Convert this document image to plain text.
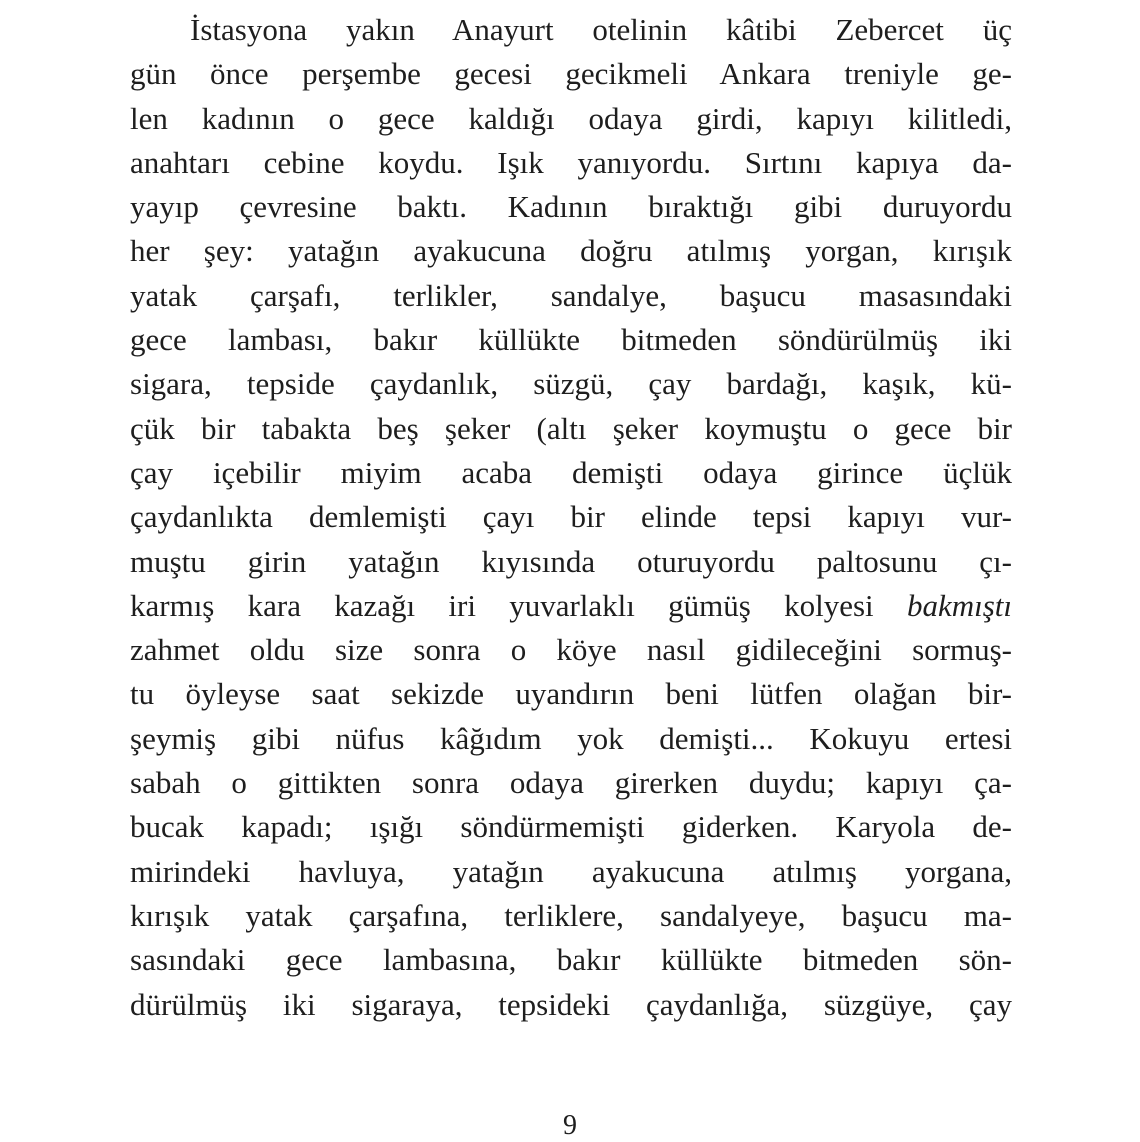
İstasyona yakın Anayurt otelinin kâtibi Zebercet üç
gün önce perşembe gecesi gecikmeli Ankara treniyle ge-
len kadının o gece kaldığı odaya girdi, kapıyı kilitledi,
anahtarı cebine koydu. Işık yanıyordu. Sırtını kapıya da-
yayıp çevresine baktı. Kadının bıraktığı gibi duruyordu
her şey: yatağın ayakucuna doğru atılmış yorgan, kırışık
yatak çarşafı, terlikler, sandalye, başucu masasındaki
gece lambası, bakır küllükte bitmeden söndürülmüş iki
sigara, tepside çaydanlık, süzgü, çay bardağı, kaşık, kü-
çük bir tabakta beş şeker (altı şeker koymuştu o gece bir
çay içebilir miyim acaba demişti odaya girince üçlük
çaydanlıkta demlemişti çayı bir elinde tepsi kapıyı vur-
muştu girin yatağın kıyısında oturuyordu paltosunu çı-
karmış kara kazağı iri yuvarlaklı gümüş kolyesi bakmıştı
zahmet oldu size sonra o köye nasıl gidileceğini sormuş-
tu öyleyse saat sekizde uyandırın beni lütfen olağan bir-
şeymiş gibi nüfus kâğıdım yok demişti... Kokuyu ertesi
sabah o gittikten sonra odaya girerken duydu; kapıyı ça-
bucak kapadı; ışığı söndürmemişti giderken. Karyola de-
mirindeki havluya, yatağın ayakucuna atılmış yorgana,
kırışık yatak çarşafına, terliklere, sandalyeye, başucu ma-
sasındaki gece lambasına, bakır küllükte bitmeden sön-
dürülmüş iki sigaraya, tepsideki çaydanlığa, süzgüye, çay
9
